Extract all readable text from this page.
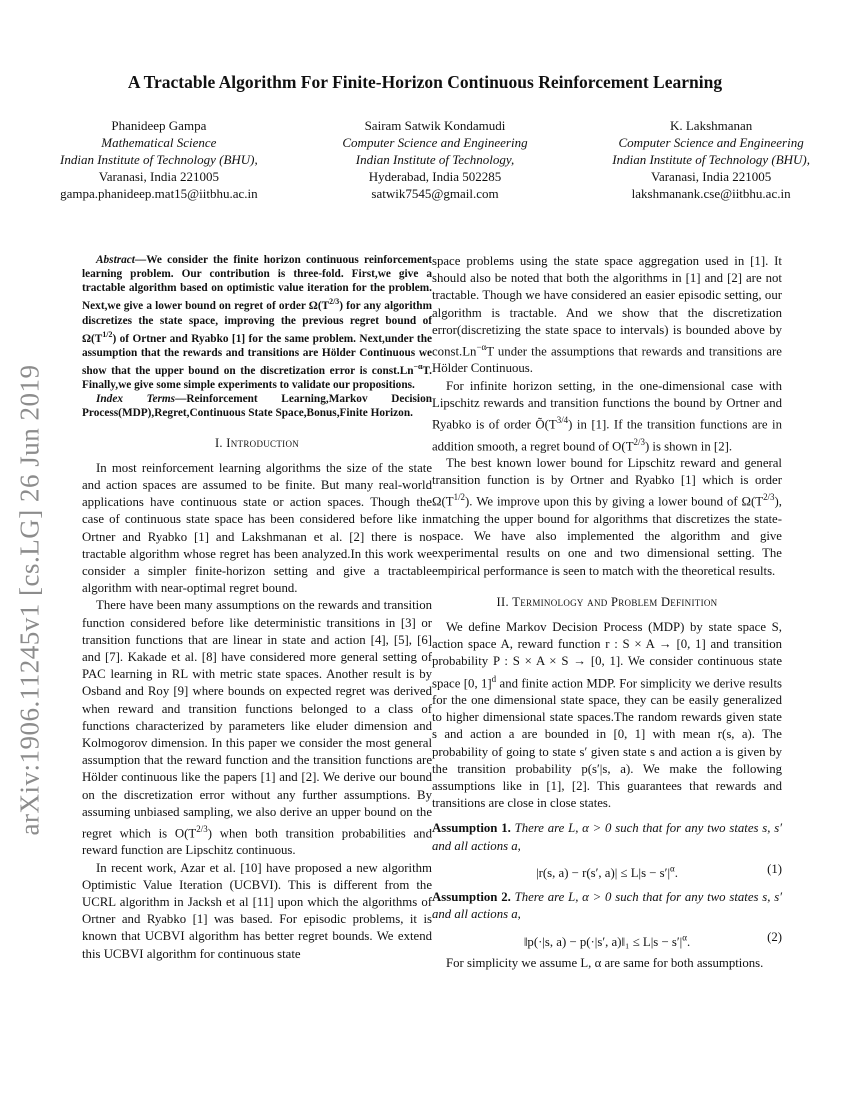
arXiv:1906.11245v1 [cs.LG] 26 Jun 2019
A Tractable Algorithm For Finite-Horizon Continuous Reinforcement Learning
Phanideep Gampa
Mathematical Science
Indian Institute of Technology (BHU),
Varanasi, India 221005
gampa.phanideep.mat15@iitbhu.ac.in
Sairam Satwik Kondamudi
Computer Science and Engineering
Indian Institute of Technology,
Hyderabad, India 502285
satwik7545@gmail.com
K. Lakshmanan
Computer Science and Engineering
Indian Institute of Technology (BHU),
Varanasi, India 221005
lakshmanank.cse@iitbhu.ac.in

Abstract—We consider the finite horizon continuous reinforcement learning problem. Our contribution is three-fold. First,we give a tractable algorithm based on optimistic value iteration for the problem. Next,we give a lower bound on regret of order $\Omega(T^{2/3})$ for any algorithm discretizes the state space, improving the previous regret bound of $\Omega(T^{1/2})$ of Ortner and Ryabko [1] for the same problem. Next,under the assumption that the rewards and transitions are Hölder Continuous we show that the upper bound on the discretization error is $const.Ln^{-\alpha}T$. Finally,we give some simple experiments to validate our propositions.

Index Terms—Reinforcement Learning,Markov Decision Process(MDP),Regret,Continuous State Space,Bonus,Finite Horizon.

I. Introduction

In most reinforcement learning algorithms the size of the state and action spaces are assumed to be finite. But many real-world applications have continuous state or action spaces. Though the case of continuous state space has been considered before like in Ortner and Ryabko [1] and Lakshmanan et al. [2] there is no tractable algorithm whose regret has been analyzed.In this work we consider a simpler finite-horizon setting and give a tractable algorithm with near-optimal regret bound.

There have been many assumptions on the rewards and transition function considered before like deterministic transitions in [3] or transition functions that are linear in state and action [4], [5], [6] and [7]. Kakade et al. [8] have considered more general setting of PAC learning in RL with metric state spaces. Another result is by Osband and Roy [9] where bounds on expected regret was derived when reward and transition functions belonged to a class of functions characterized by parameters like eluder dimension and Kolmogorov dimension. In this paper we consider the most general assumption that the reward function and the transition functions are Hölder continuous like the papers [1] and [2]. We derive our bound on the discretization error without any further assumptions. By assuming unbiased sampling, we also derive an upper bound on the regret which is $O(T^{2/3})$ when both transition probabilities and reward function are Lipschitz continuous.

In recent work, Azar et al. [10] have proposed a new algorithm Optimistic Value Iteration (UCBVI). This is different from the UCRL algorithm in Jacksh et al [11] upon which the algorithms of Ortner and Ryabko [1] was based. For episodic problems, it is known that UCBVI algorithm has better regret bounds. We extend this UCBVI algorithm for continuous state

space problems using the state space aggregation used in [1]. It should also be noted that both the algorithms in [1] and [2] are not tractable. Though we have considered an easier episodic setting, our algorithm is tractable. And we show that the discretization error(discretizing the state space to intervals) is bounded above by $const.Ln^{-\alpha}T$ under the assumptions that rewards and transitions are Hölder Continuous.

For infinite horizon setting, in the one-dimensional case with Lipschitz rewards and transition functions the bound by Ortner and Ryabko is of order $Õ(T^{3/4})$ in [1]. If the transition functions are in addition smooth, a regret bound of $O(T^{2/3})$ is shown in [2].

The best known lower bound for Lipschitz reward and general transition function is by Ortner and Ryabko [1] which is order $\Omega(T^{1/2})$. We improve upon this by giving a lower bound of $\Omega(T^{2/3})$, matching the upper bound for algorithms that discretizes the state-space. We have also implemented the algorithm and give experimental results on one and two dimensional setting. The empirical performance is seen to match with the theoretical results.

II. Terminology and Problem Definition

We define Markov Decision Process (MDP) by state space S, action space A, reward function r : S × A → [0, 1] and transition probability P : S × A × S → [0, 1]. We consider continuous state space [0, 1]$^d$ and finite action MDP. For simplicity we derive results for the one dimensional state space, they can be easily generalized to higher dimensional state spaces.The random rewards given state s and action a are bounded in [0, 1] with mean r(s, a). The probability of going to state s′ given state s and action a is given by the transition probability p(s′|s, a). We make the following assumptions like in [1], [2]. This guarantees that rewards and transitions are close in close states.

Assumption 1. There are L, α > 0 such that for any two states s, s′ and all actions a,
|r(s, a) − r(s′, $a)| \le L|s - s'|^\alpha$.	(1)
Assumption 2. There are L, α > 0 such that for any two states s, s′ and all actions a,
‖p(·|s, a) − p(·|s′, a)‖₁ ≤ $L|s - s'|^\alpha$.	(2)

For simplicity we assume L, α are same for both assumptions.
